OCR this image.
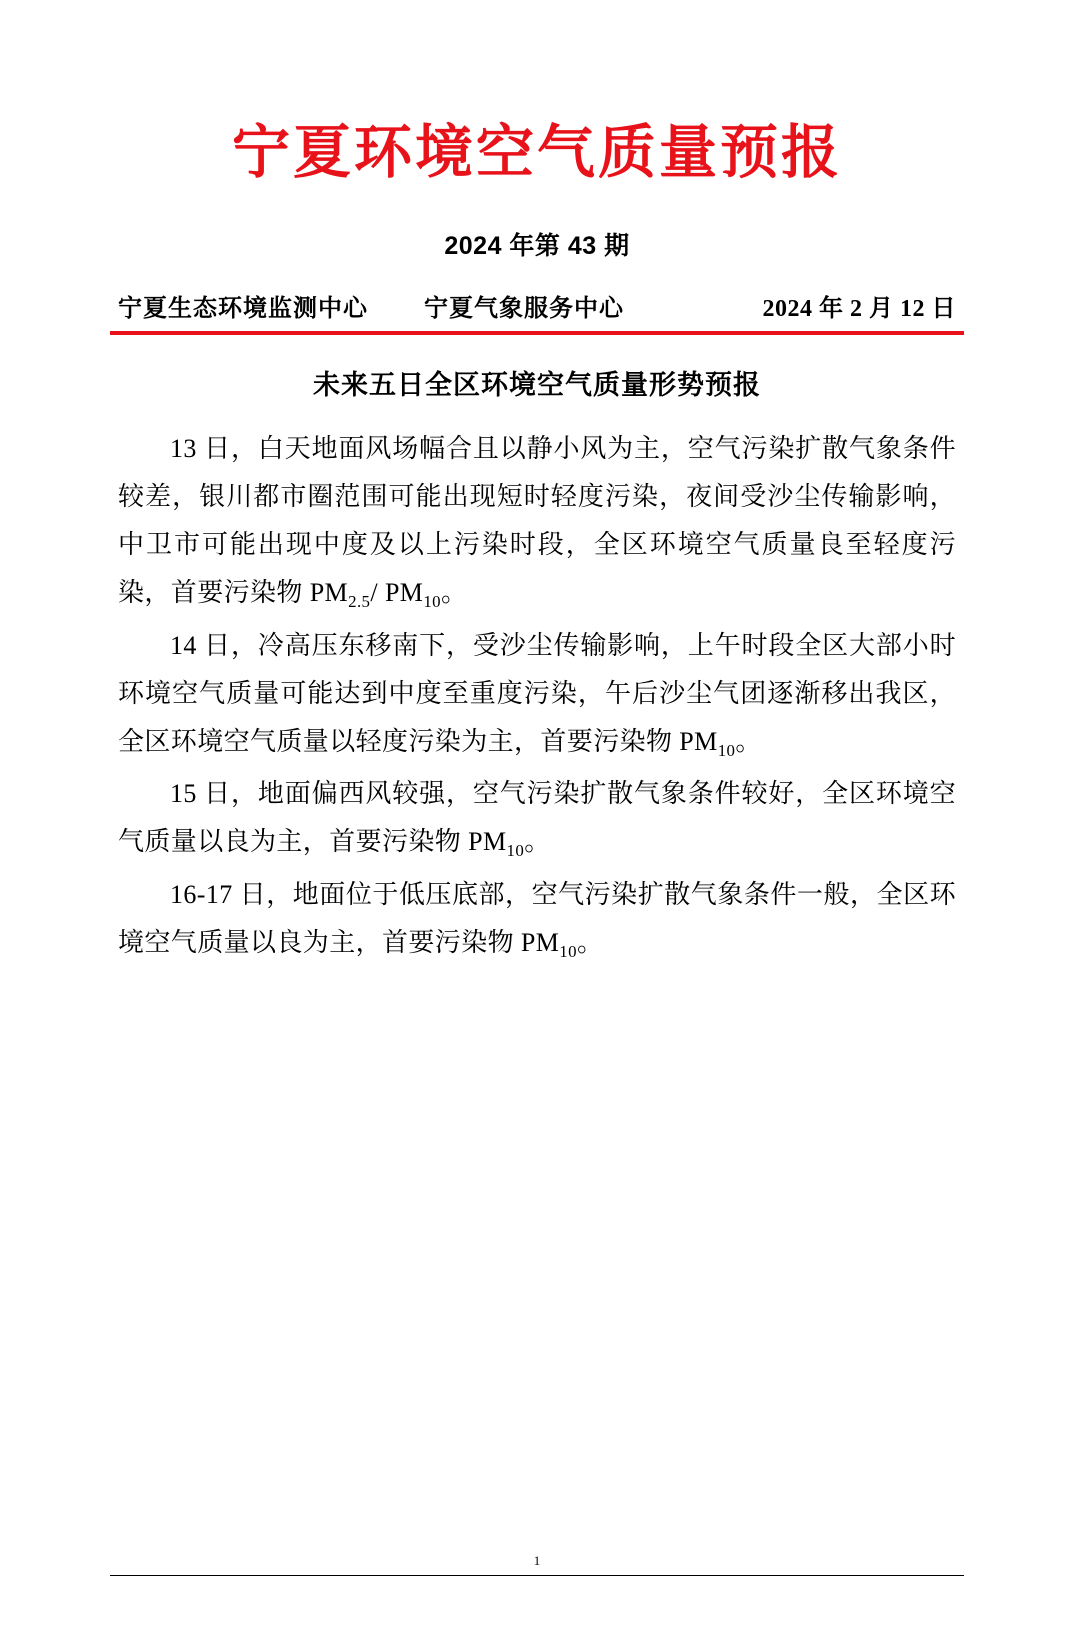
宁夏环境空气质量预报
2024 年第 43 期
宁夏生态环境监测中心 宁夏气象服务中心	2024 年 2 月 12 日
未来五日全区环境空气质量形势预报

13 日，白天地面风场幅合且以静小风为主，空气污染扩散气象条件较差，银川都市圈范围可能出现短时轻度污染，夜间受沙尘传输影响，中卫市可能出现中度及以上污染时段，全区环境空气质量良至轻度污染，首要污染物 $PM_{2.5}/$ $PM_{10}$。

14 日，冷高压东移南下，受沙尘传输影响，上午时段全区大部小时环境空气质量可能达到中度至重度污染，午后沙尘气团逐渐移出我区，全区环境空气质量以轻度污染为主，首要污染物 $PM_{10}$。

15 日，地面偏西风较强，空气污染扩散气象条件较好，全区环境空气质量以良为主，首要污染物 $PM_{10}$。

16-17 日，地面位于低压底部，空气污染扩散气象条件一般，全区环境空气质量以良为主，首要污染物 $PM_{10}$。

1
